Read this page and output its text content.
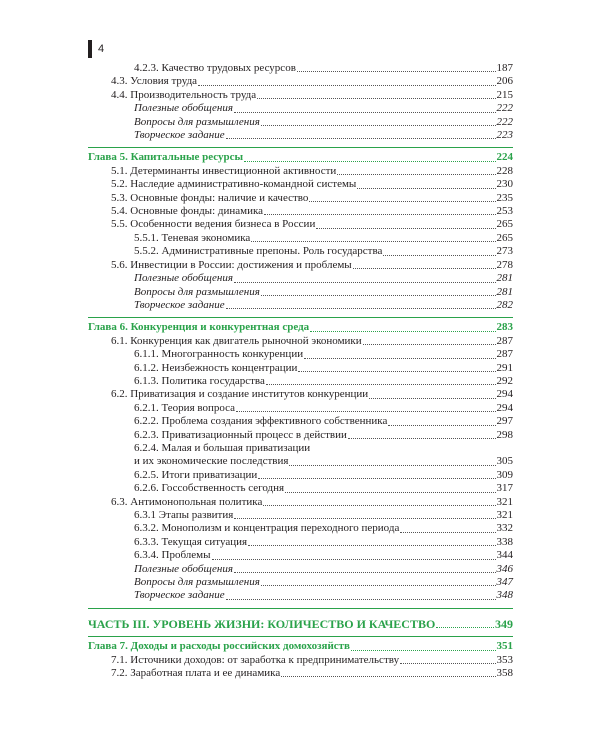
4
4.2.3. Качество трудовых ресурсов	187
4.3. Условия труда	206
4.4. Производительность труда	215
Полезные обобщения	222
Вопросы для размышления	222
Творческое задание	223
Глава 5. Капитальные ресурсы	224
5.1. Детерминанты инвестиционной активности	228
5.2. Наследие административно-командной системы	230
5.3. Основные фонды: наличие и качество	235
5.4. Основные фонды: динамика	253
5.5. Особенности ведения бизнеса в России	265
5.5.1. Теневая экономика	265
5.5.2. Административные препоны. Роль государства	273
5.6. Инвестиции в России: достижения и проблемы	278
Полезные обобщения	281
Вопросы для размышления	281
Творческое задание	282
Глава 6. Конкуренция и конкурентная среда	283
6.1. Конкуренция как двигатель рыночной экономики	287
6.1.1. Многогранность конкуренции	287
6.1.2. Неизбежность концентрации	291
6.1.3. Политика государства	292
6.2. Приватизация и создание институтов конкуренции	294
6.2.1. Теория вопроса	294
6.2.2. Проблема создания эффективного собственника	297
6.2.3. Приватизационный процесс в действии	298
6.2.4. Малая и большая приватизации
и их экономические последствия	305
6.2.5. Итоги приватизации	309
6.2.6. Госсобственность сегодня	317
6.3. Антимонопольная политика	321
6.3.1 Этапы развития	321
6.3.2. Монополизм и концентрация переходного периода	332
6.3.3. Текущая ситуация	338
6.3.4. Проблемы	344
Полезные обобщения	346
Вопросы для размышления	347
Творческое задание	348
ЧАСТЬ III. УРОВЕНЬ ЖИЗНИ: КОЛИЧЕСТВО И КАЧЕСТВО	349
Глава 7. Доходы и расходы российских домохозяйств	351
7.1. Источники доходов: от заработка к предпринимательству	353
7.2. Заработная плата и ее динамика	358
